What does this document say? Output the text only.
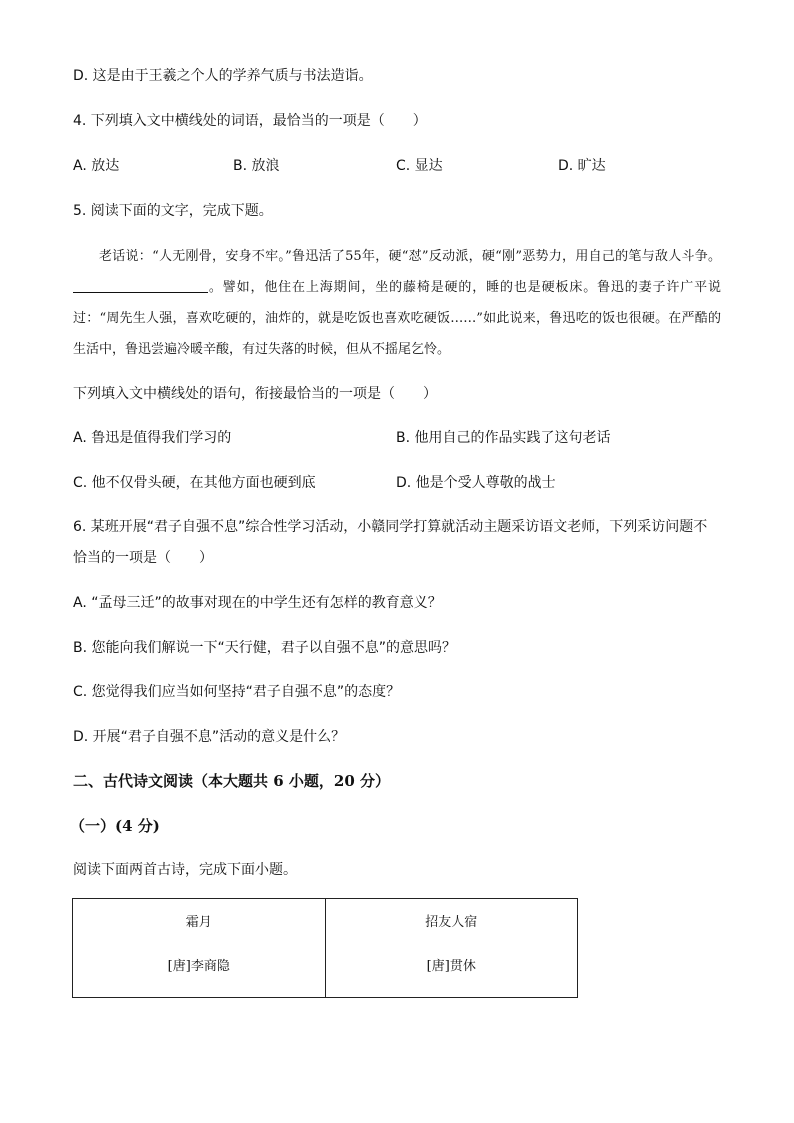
D. 这是由于王羲之个人的学养气质与书法造诣。
4. 下列填入文中横线处的词语，最恰当的一项是（　　）
A. 放达	B. 放浪	C. 显达	D. 旷达
5. 阅读下面的文字，完成下题。
老话说：“人无刚骨，安身不牢。”鲁迅活了55年，硬“怼”反动派，硬“刚”恶势力，用自己的笔与敌人斗争。。譬如，他住在上海期间，坐的藤椅是硬的，睡的也是硬板床。鲁迅的妻子许广平说过：“周先生人强，喜欢吃硬的，油炸的，就是吃饭也喜欢吃硬饭……”如此说来，鲁迅吃的饭也很硬。在严酷的生活中，鲁迅尝遍冷暖辛酸，有过失落的时候，但从不摇尾乞怜。
下列填入文中横线处的语句，衔接最恰当的一项是（　　）
A. 鲁迅是值得我们学习的	B. 他用自己的作品实践了这句老话
C. 他不仅骨头硬，在其他方面也硬到底	D. 他是个受人尊敬的战士
6. 某班开展“君子自强不息”综合性学习活动，小赣同学打算就活动主题采访语文老师，下列采访问题不
恰当的一项是（　　）
A. “孟母三迁”的故事对现在的中学生还有怎样的教育意义？
B. 您能向我们解说一下“天行健，君子以自强不息”的意思吗？
C. 您觉得我们应当如何坚持“君子自强不息”的态度？
D. 开展“君子自强不息”活动的意义是什么？
二、古代诗文阅读（本大题共 6 小题，20 分）
（一）(4 分)
阅读下面两首古诗，完成下面小题。
霜月
[唐]李商隐
招友人宿
[唐]贯休
